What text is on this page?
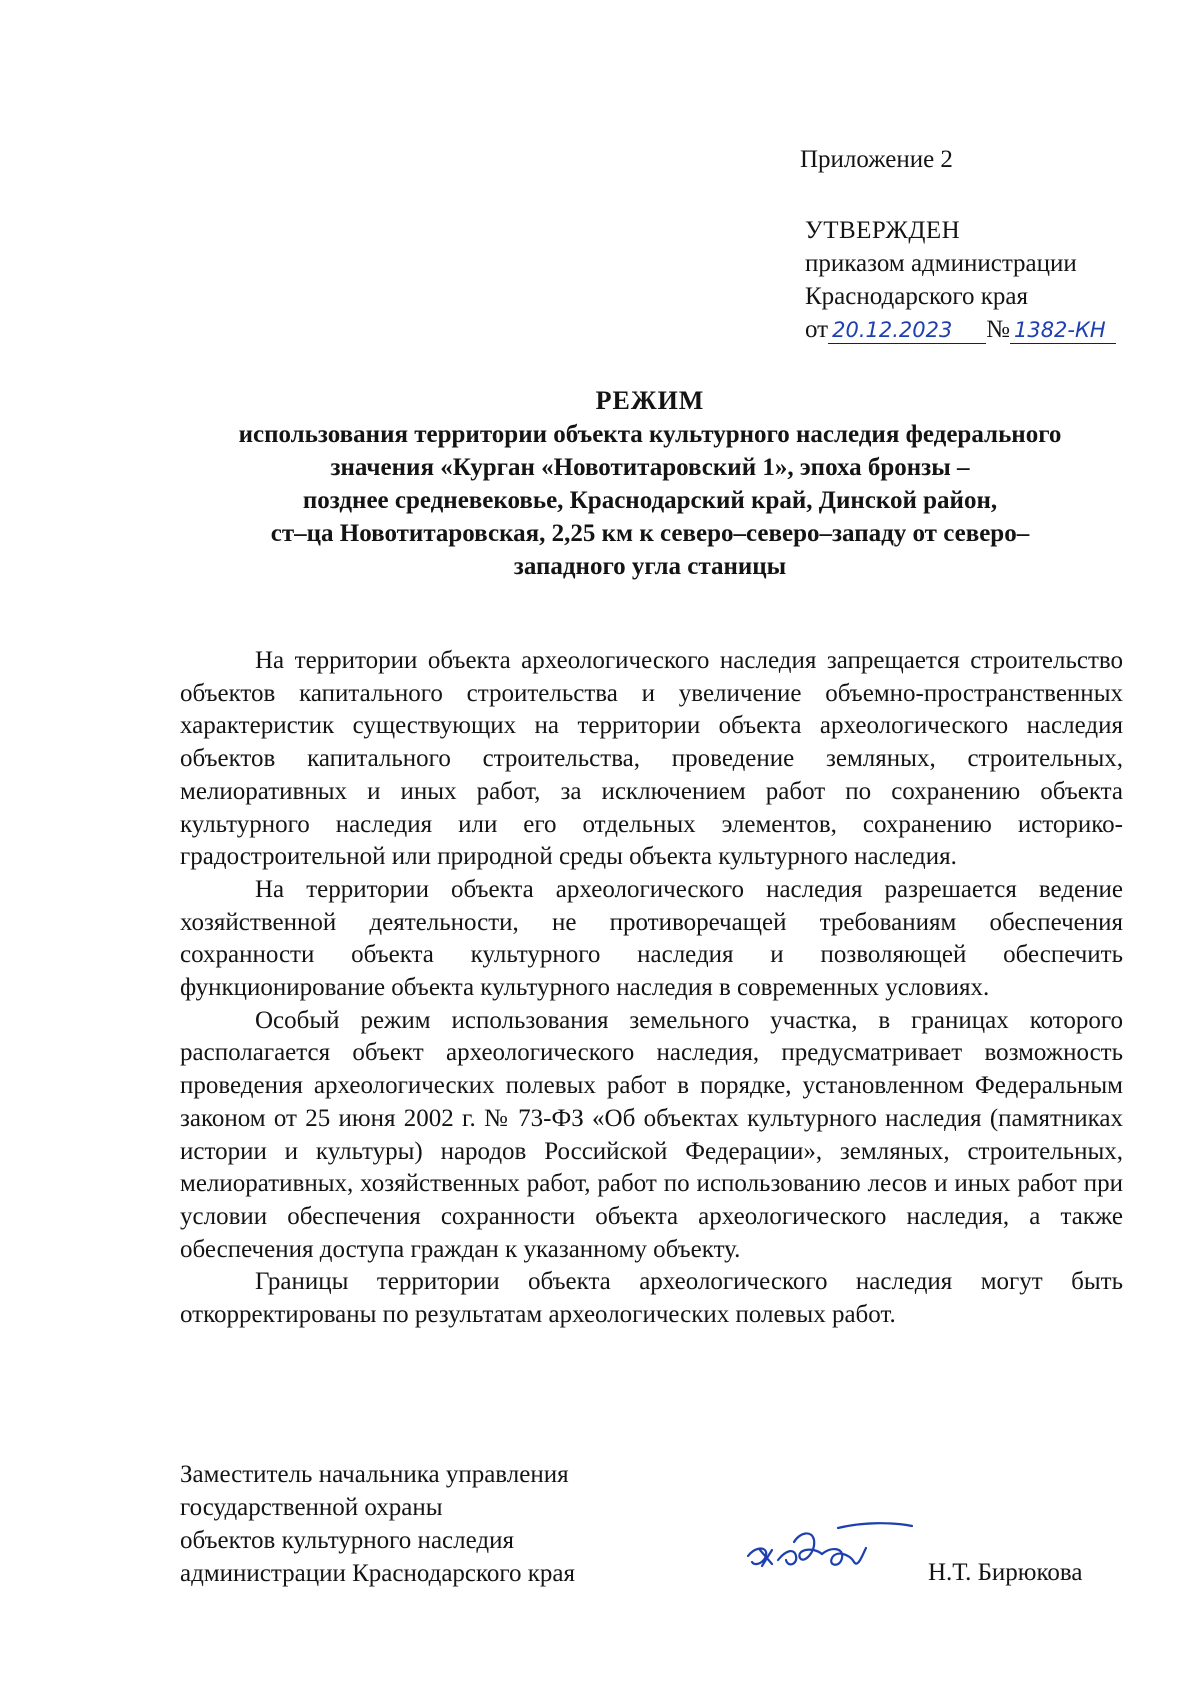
Приложение 2
УТВЕРЖДЕН
приказом администрации
Краснодарского края
от 20.12.2023 № 1382-КН
РЕЖИМ
использования территории объекта культурного наследия федерального
значения «Курган «Новотитаровский 1», эпоха бронзы –
позднее средневековье, Краснодарский край, Динской район,
ст–ца Новотитаровская, 2,25 км к северо–северо–западу от северо–
западного угла станицы

На территории объекта археологического наследия запрещается строительство объектов капитального строительства и увеличение объемно-пространственных характеристик существующих на территории объекта археологического наследия объектов капитального строительства, проведение земляных, строительных, мелиоративных и иных работ, за исключением работ по сохранению объекта культурного наследия или его отдельных элементов, сохранению историко-градостроительной или природной среды объекта культурного наследия.

На территории объекта археологического наследия разрешается ведение хозяйственной деятельности, не противоречащей требованиям обеспечения сохранности объекта культурного наследия и позволяющей обеспечить функционирование объекта культурного наследия в современных условиях.

Особый режим использования земельного участка, в границах которого располагается объект археологического наследия, предусматривает возможность проведения археологических полевых работ в порядке, установленном Федеральным законом от 25 июня 2002 г. № 73-ФЗ «Об объектах культурного наследия (памятниках истории и культуры) народов Российской Федерации», земляных, строительных, мелиоративных, хозяйственных работ, работ по использованию лесов и иных работ при условии обеспечения сохранности объекта археологического наследия, а также обеспечения доступа граждан к указанному объекту.

Границы территории объекта археологического наследия могут быть откорректированы по результатам археологических полевых работ.

Заместитель начальника управления
государственной охраны
объектов культурного наследия
администрации Краснодарского края	Н.Т. Бирюкова
